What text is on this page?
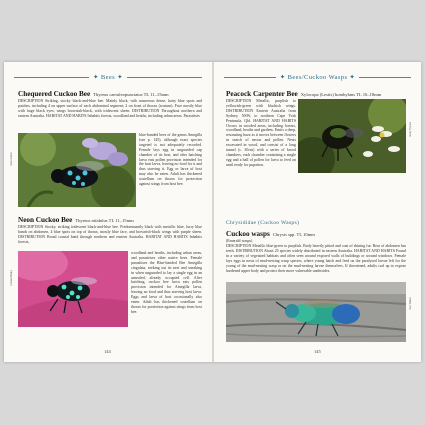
✦ Bees ✦
Chequered Cuckoo Bee Thyreus caeruleopunctatus TL 11–15mm
DESCRIPTION Striking, stocky black-and-blue bee. Mainly black, with numerous dense, hairy blue spots and patches, including 4 on upper surface of each abdominal segment; 2 on front of thorax (scutum). Face mostly blue with large black eyes; wings brownish-black, with iridescent sheen. DISTRIBUTION Throughout northern and eastern Australia. HABITAT AND HABITS Inhabits forests, woodland and heaths, including urban areas. Parasitises
Glenn Tasker
blue-banded bees of the genus Amegilla (see p. 145), although exact species targeted is not adequately recorded. Female lays egg in unguarded cap chamber of its host, and after hatching larva eats pollen provision intended for the host larva, leaving no food for it and thus starving it. Egg or larva of host may also be eaten. Adult has thickened scutellum on thorax for protection against stings from host bee.
Neon Cuckoo Bee Thyreus nitidulus TL 11–15mm
DESCRIPTION Stocky, striking iridescent black-and-blue bee. Predominantly black with metallic blue, furry blue bands on abdomen, 4 blue spots on top of thorax, mostly blue face, and brownish-black wings with purple sheen. DISTRIBUTION Broad coastal band through northern and eastern Australia. HABITAT AND HABITS Inhabits forests,
Graham Bailey
woodland and heaths, including urban areas, and parasitises other native bees. Female parasitises the Blue-banded Bee Amegilla cingulata, seeking out its nest and sneaking in when unguarded to lay a single egg in an unsealed, already occupied cell. After hatching, cuckoo bee larva eats pollen provision intended for Amegilla larva, leaving no food and thus starving host larva. Eggs and larva of host occasionally also eaten. Adult has thickened scutellum on thorax for protection against stings from host bee.
144
✦ Bees/Cuckoo Wasps ✦
Peacock Carpenter Bee Xylocopa (Lestis) bombylans TL 16–18mm
DESCRIPTION Metallic, purplish to yellowish-green with blackish wings. DISTRIBUTION Eastern Australia from Sydney, NSW, to northern Cape York Peninsula, Qld. HABITAT AND HABITS Occurs in wooded areas, including forests, woodland, heaths and gardens. Emits a deep, resonating buzz as it moves between flowers in search of nectar and pollen. Nests excavated in wood, and consist of a long tunnel (c. 30cm) with a series of brood chambers, each chamber containing a single egg and a ball of pollen for larva to feed on until ready for pupation.
Jenny Thynne
Chrysididae (Cuckoo Wasps)
Cuckoo wasps Chrysis spp. TL 10mm
(Emerald wasps)
DESCRIPTION Metallic blue-green to purplish. Body heavily pitted and coat of shining fur. Rear of abdomen has teeth. DISTRIBUTION About 25 species widely distributed in eastern Australia. HABITAT AND HABITS Found in a variety of vegetated habitats and often seen around exposed walls of buildings or around windows. Female lays eggs in nests of mud-nesting wasp species, where young hatch and feed on the paralysed larvae left for the young of the mud-nesting wasp or on the mud-nesting larvae themselves. If threatened, adults curl up to expose hardened upper body and protect their more vulnerable undersides.
Ken Walker
145
